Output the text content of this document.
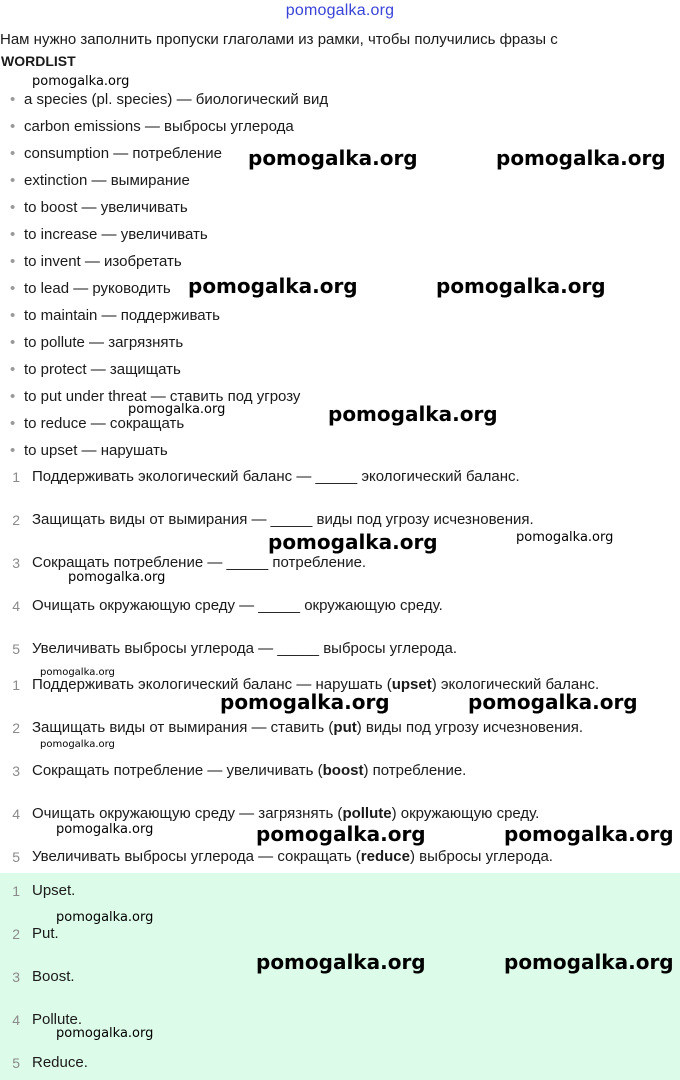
pomogalka.org
Нам нужно заполнить пропуски глаголами из рамки, чтобы получились фразы с
WORDLIST
• a species (pl. species) — биологический вид
• carbon emissions — выбросы углерода
• consumption — потребление
• extinction — вымирание
• to boost — увеличивать
• to increase — увеличивать
• to invent — изобретать
• to lead — руководить
• to maintain — поддерживать
• to pollute — загрязнять
• to protect — защищать
• to put under threat — ставить под угрозу
• to reduce — сокращать
• to upset — нарушать
1 Поддерживать экологический баланс — _____ экологический баланс.
2 Защищать виды от вымирания — _____ виды под угрозу исчезновения.
3 Сокращать потребление — _____ потребление.
4 Очищать окружающую среду — _____ окружающую среду.
5 Увеличивать выбросы углерода — _____ выбросы углерода.
1 Поддерживать экологический баланс — нарушать (upset) экологический баланс.
2 Защищать виды от вымирания — ставить (put) виды под угрозу исчезновения.
3 Сокращать потребление — увеличивать (boost) потребление.
4 Очищать окружающую среду — загрязнять (pollute) окружающую среду.
5 Увеличивать выбросы углерода — сокращать (reduce) выбросы углерода.
1 Upset.
2 Put.
3 Boost.
4 Pollute.
5 Reduce.
pomogalka.org
pomogalka.org	pomogalka.org
pomogalka.org	pomogalka.org
pomogalka.org	pomogalka.org
pomogalka.org	pomogalka.org
pomogalka.org
pomogalka.org
pomogalka.org	pomogalka.org
pomogalka.org
pomogalka.org	pomogalka.org	pomogalka.org
pomogalka.org
pomogalka.org	pomogalka.org
pomogalka.org
